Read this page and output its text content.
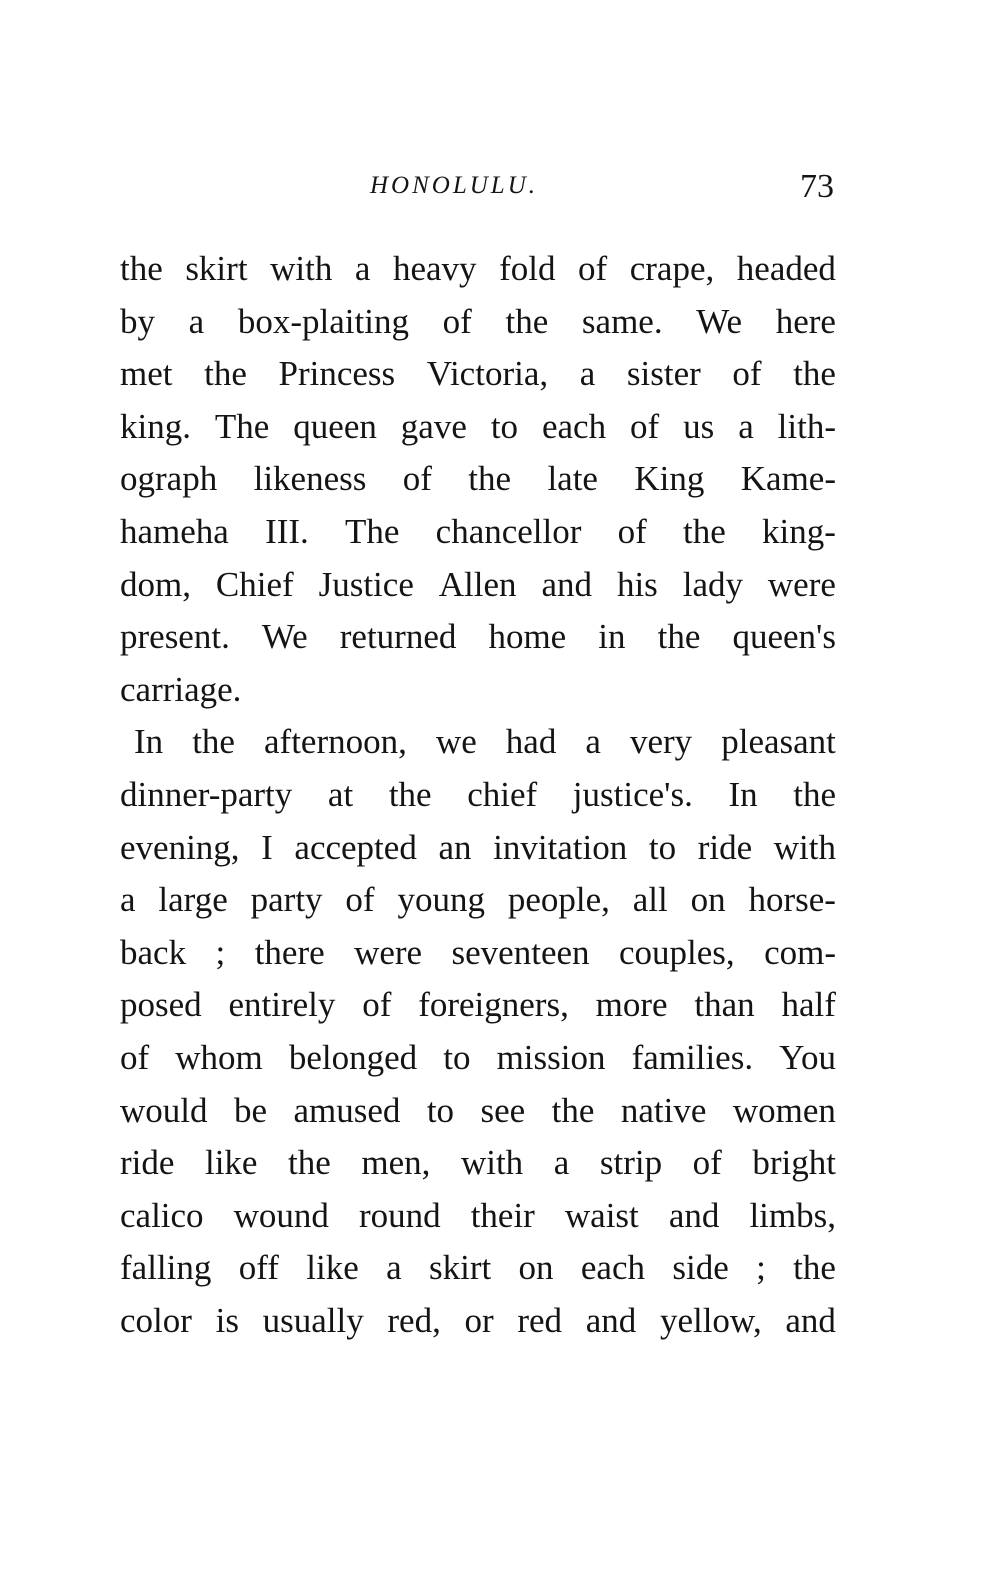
HONOLULU.	73
the skirt with a heavy fold of crape, headed
by a box-plaiting of the same. We here
met the Princess Victoria, a sister of the
king. The queen gave to each of us a lith-
ograph likeness of the late King Kame-
hameha III. The chancellor of the king-
dom, Chief Justice Allen and his lady were
present. We returned home in the queen's
carriage.
In the afternoon, we had a very pleasant
dinner-party at the chief justice's. In the
evening, I accepted an invitation to ride with
a large party of young people, all on horse-
back ; there were seventeen couples, com-
posed entirely of foreigners, more than half
of whom belonged to mission families. You
would be amused to see the native women
ride like the men, with a strip of bright
calico wound round their waist and limbs,
falling off like a skirt on each side ; the
color is usually red, or red and yellow, and
